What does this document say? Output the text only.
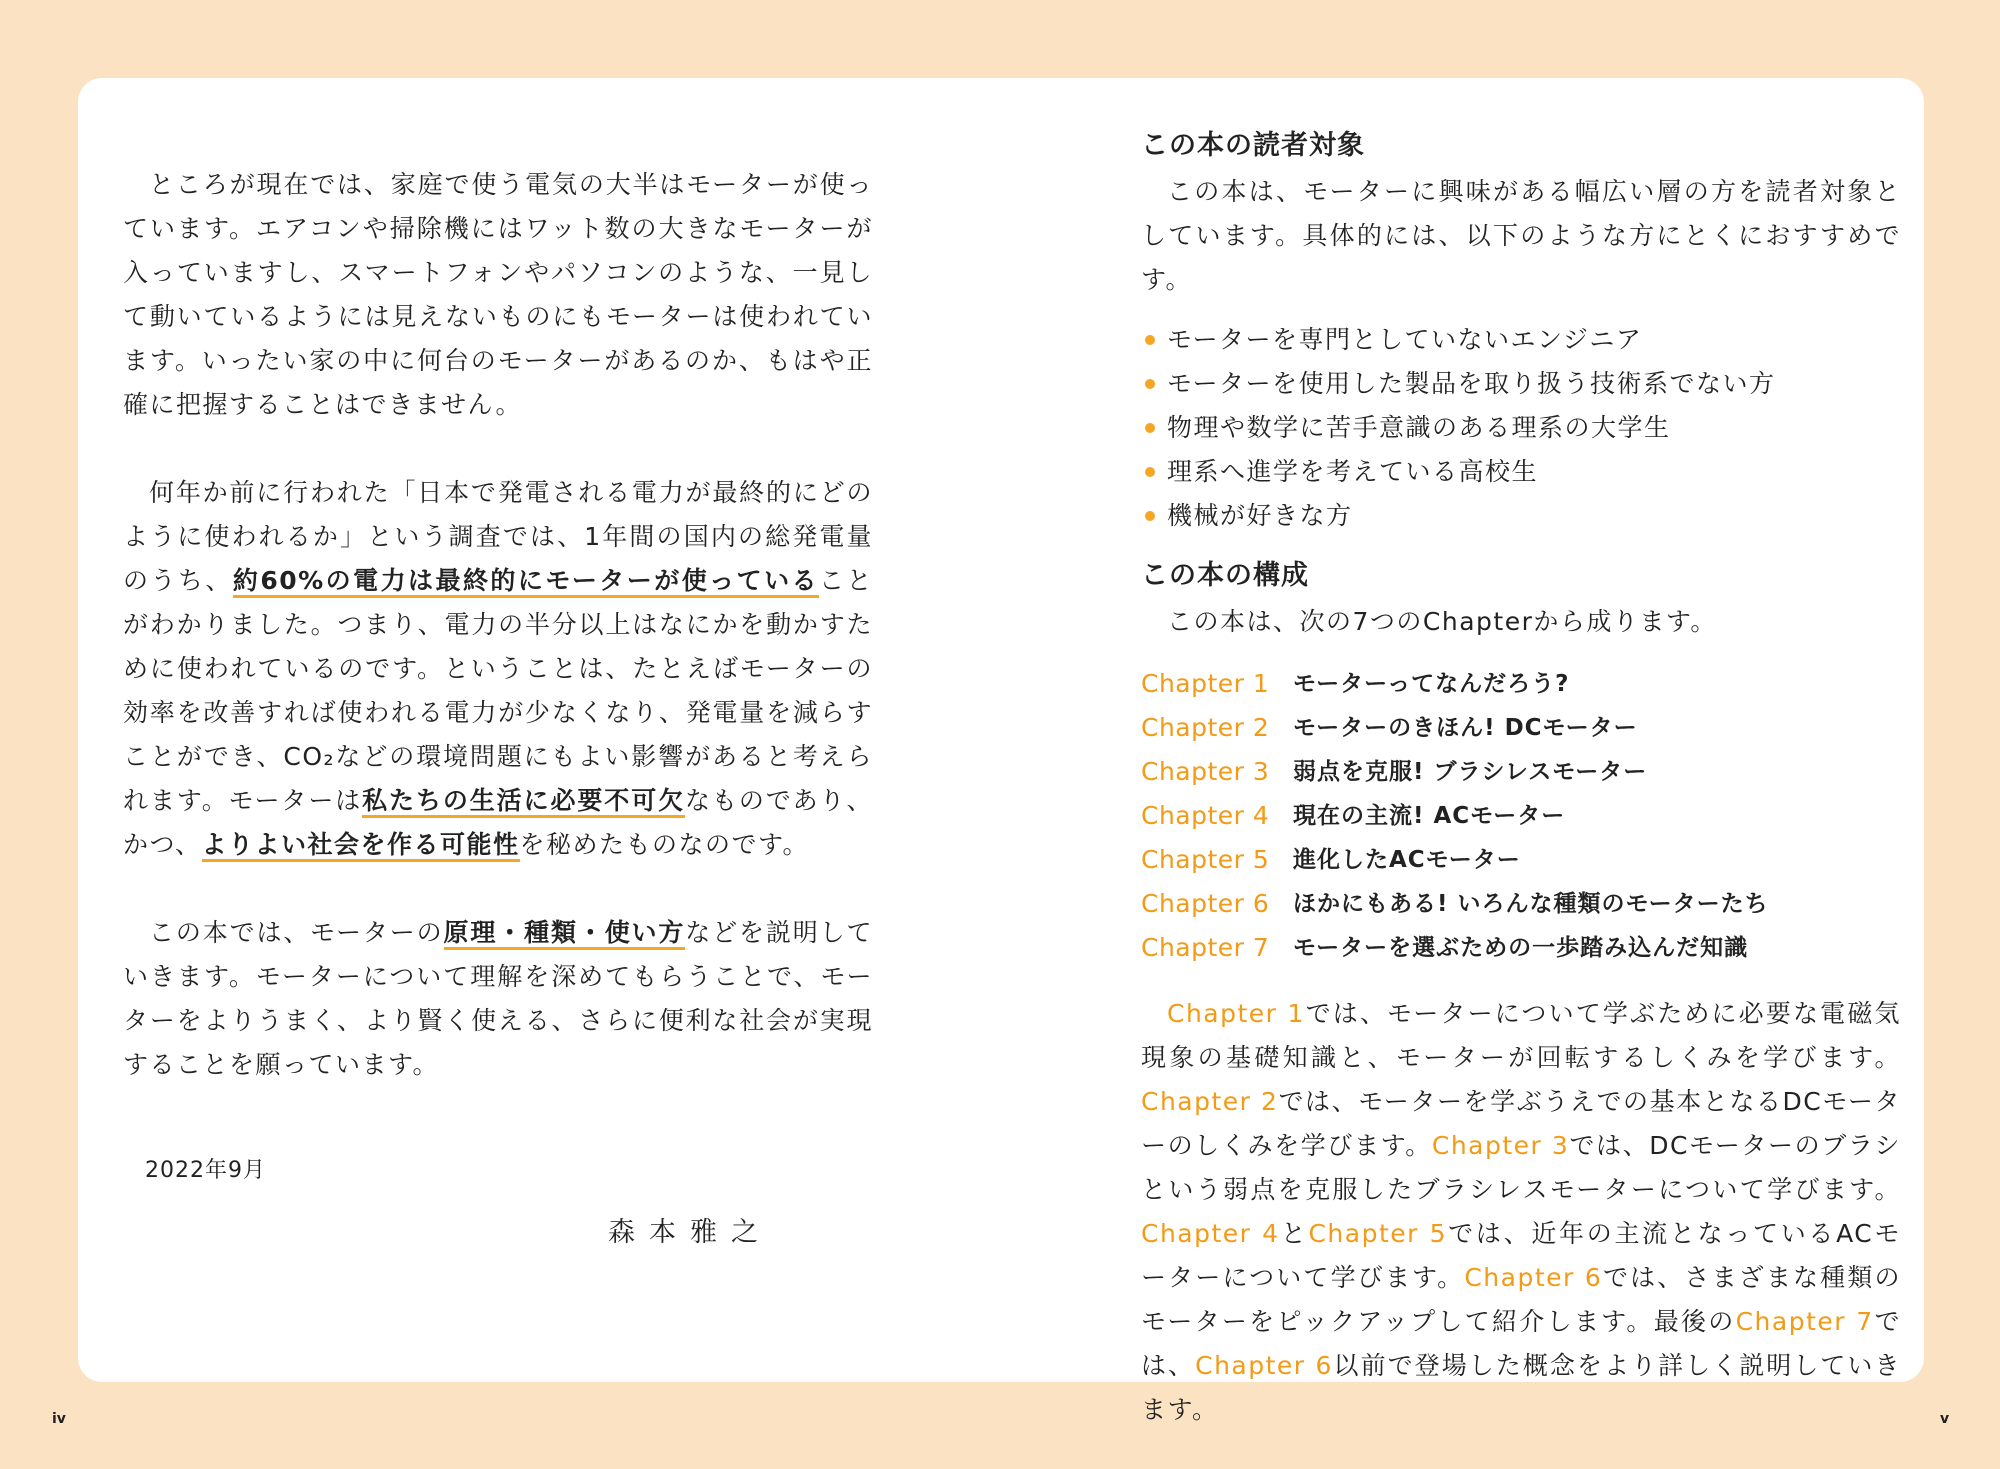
ところが現在では、家庭で使う電気の大半はモーターが使っています。エアコンや掃除機にはワット数の大きなモーターが入っていますし、スマートフォンやパソコンのような、一見して動いているようには見えないものにもモーターは使われています。いったい家の中に何台のモーターがあるのか、もはや正確に把握することはできません。

何年か前に行われた「日本で発電される電力が最終的にどのように使われるか」という調査では、1年間の国内の総発電量のうち、約60%の電力は最終的にモーターが使っていることがわかりました。つまり、電力の半分以上はなにかを動かすために使われているのです。ということは、たとえばモーターの効率を改善すれば使われる電力が少なくなり、発電量を減らすことができ、CO₂などの環境問題にもよい影響があると考えられます。モーターは私たちの生活に必要不可欠なものであり、かつ、よりよい社会を作る可能性を秘めたものなのです。

この本では、モーターの原理・種類・使い方などを説明していきます。モーターについて理解を深めてもらうことで、モーターをよりうまく、より賢く使える、さらに便利な社会が実現することを願っています。

2022年9月
森本雅之
この本の読者対象

この本は、モーターに興味がある幅広い層の方を読者対象としています。具体的には、以下のような方にとくにおすすめです。

モーターを専門としていないエンジニア
モーターを使用した製品を取り扱う技術系でない方
物理や数学に苦手意識のある理系の大学生
理系へ進学を考えている高校生
機械が好きな方
この本の構成

この本は、次の7つのChapterから成ります。

Chapter 1	モーターってなんだろう?
Chapter 2	モーターのきほん! DCモーター
Chapter 3	弱点を克服! ブラシレスモーター
Chapter 4	現在の主流! ACモーター
Chapter 5	進化したACモーター
Chapter 6	ほかにもある! いろんな種類のモーターたち
Chapter 7	モーターを選ぶための一歩踏み込んだ知識

Chapter 1では、モーターについて学ぶために必要な電磁気現象の基礎知識と、モーターが回転するしくみを学びます。Chapter 2では、モーターを学ぶうえでの基本となるDCモーターのしくみを学びます。Chapter 3では、DCモーターのブラシという弱点を克服したブラシレスモーターについて学びます。Chapter 4とChapter 5では、近年の主流となっているACモーターについて学びます。Chapter 6では、さまざまな種類のモーターをピックアップして紹介します。最後のChapter 7では、Chapter 6以前で登場した概念をより詳しく説明していきます。

iv	v
